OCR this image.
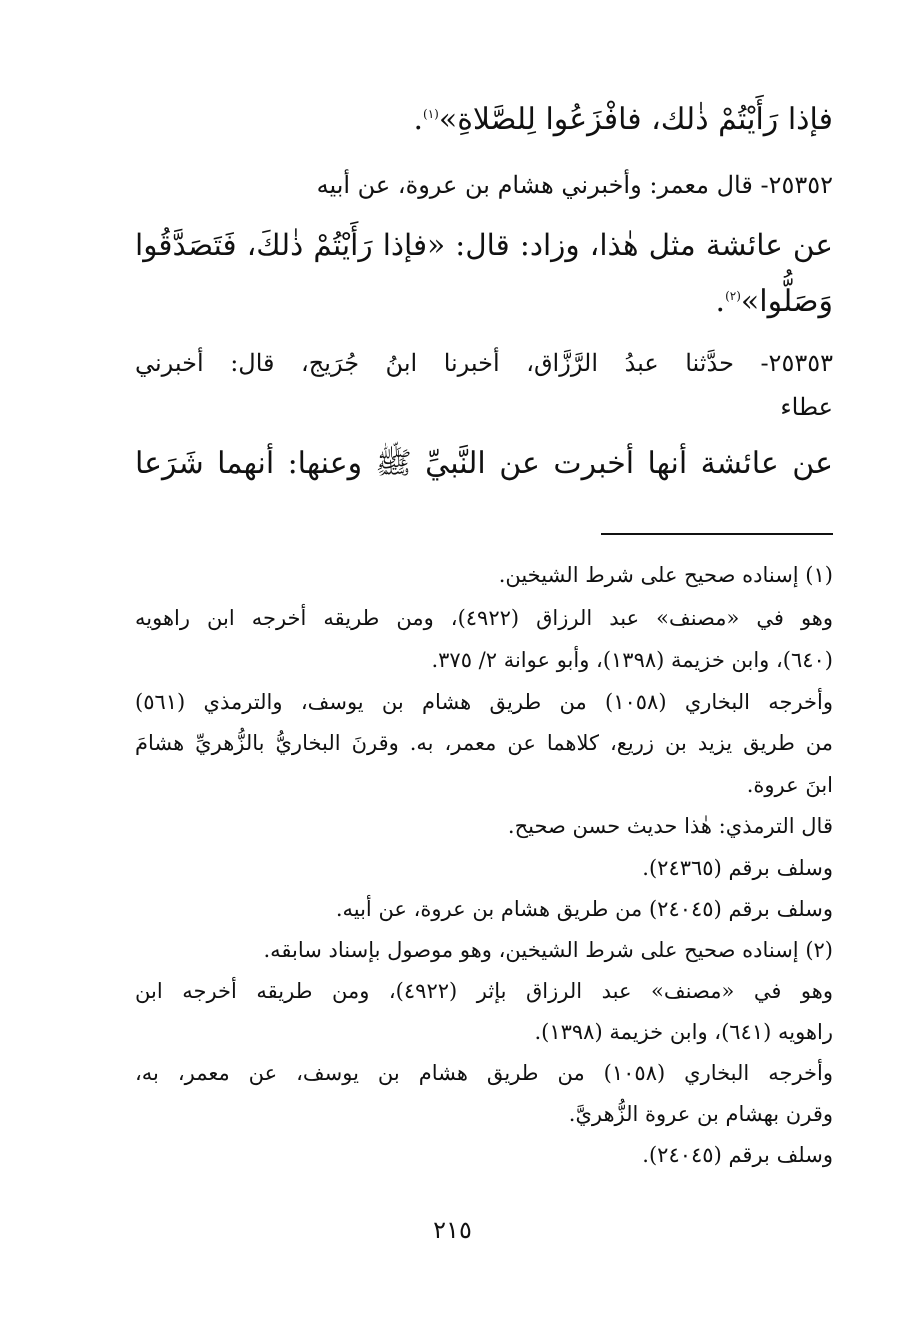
فإذا رَأَيْتُمْ ذٰلك، فافْزَعُوا لِلصَّلاةِ»$^{(١)}$.
٢٥٣٥٢- قال معمر: وأخبرني هشام بن عروة، عن أبيه
عن عائشة مثل هٰذا، وزاد: قال: «فإذا رَأَيْتُمْ ذٰلكَ، فَتَصَدَّقُوا
وَصَلُّوا»$^{(٢)}$.
٢٥٣٥٣- حدَّثنا عبدُ الرَّزَّاق، أخبرنا ابنُ جُرَيج، قال: أخبرني
عطاء
عن عائشة أنها أخبرت عن النَّبيِّ ﷺ وعنها: أنهما شَرَعا
(١) إسناده صحيح على شرط الشيخين.
وهو في «مصنف» عبد الرزاق (٤٩٢٢)، ومن طريقه أخرجه ابن راهويه
(٦٤٠)، وابن خزيمة (١٣٩٨)، وأبو عوانة ٢/ ٣٧٥.
وأخرجه البخاري (١٠٥٨) من طريق هشام بن يوسف، والترمذي (٥٦١)
من طريق يزيد بن زريع، كلاهما عن معمر، به. وقرنَ البخاريُّ بالزُّهريِّ هشامَ
ابنَ عروة.
قال الترمذي: هٰذا حديث حسن صحيح.
وسلف برقم (٢٤٣٦٥).
وسلف برقم (٢٤٠٤٥) من طريق هشام بن عروة، عن أبيه.
(٢) إسناده صحيح على شرط الشيخين، وهو موصول بإسناد سابقه.
وهو في «مصنف» عبد الرزاق بإثر (٤٩٢٢)، ومن طريقه أخرجه ابن
راهويه (٦٤١)، وابن خزيمة (١٣٩٨).
وأخرجه البخاري (١٠٥٨) من طريق هشام بن يوسف، عن معمر، به،
وقرن بهشام بن عروة الزُّهريَّ.
وسلف برقم (٢٤٠٤٥).
٢١٥
